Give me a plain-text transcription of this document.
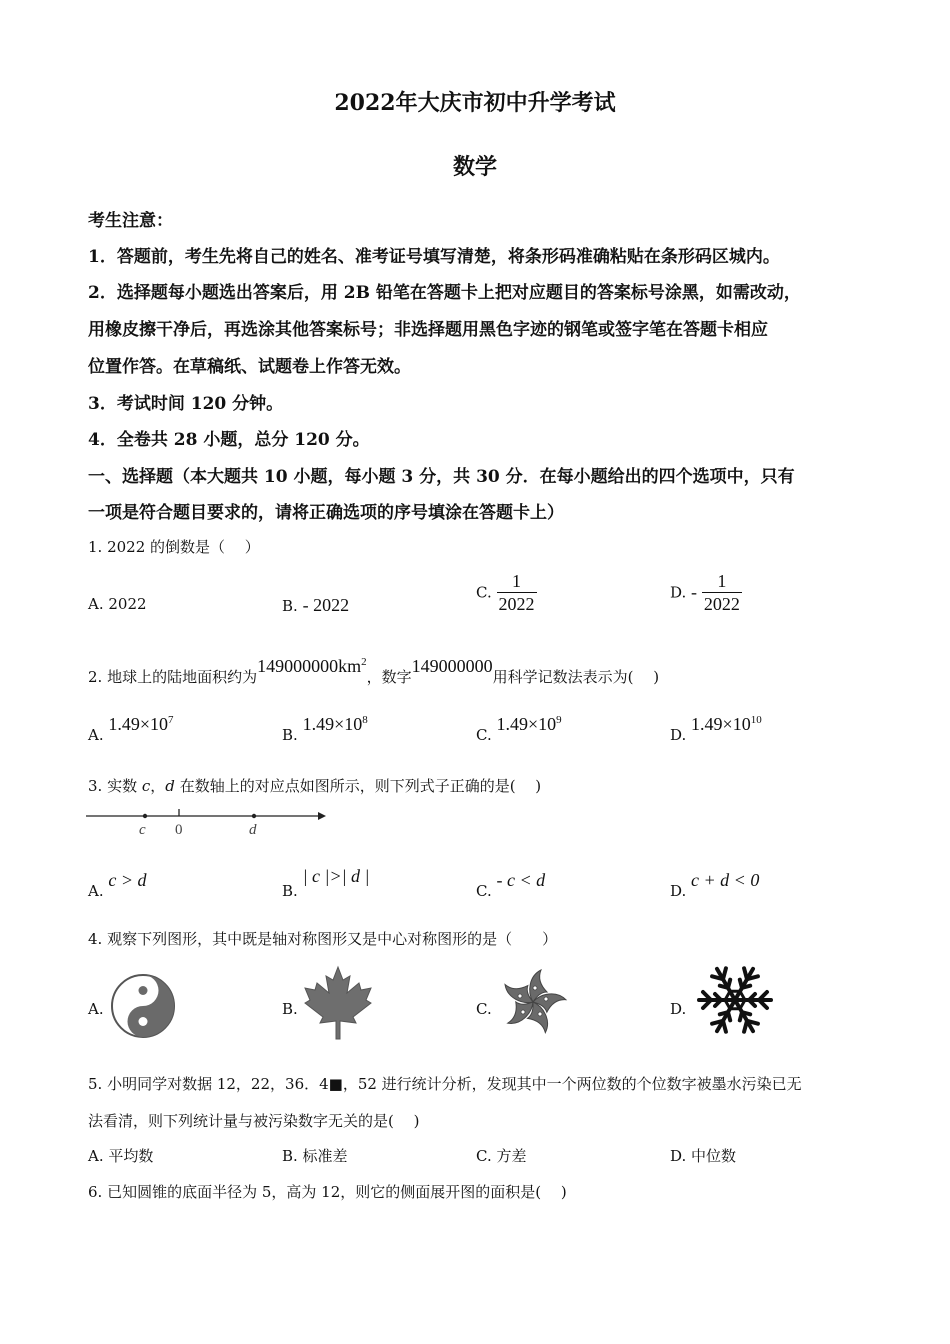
2022年大庆市初中升学考试
数学
考生注意：
1．答题前，考生先将自己的姓名、准考证号填写清楚，将条形码准确粘贴在条形码区城内。
2．选择题每小题选出答案后，用 2B 铅笔在答题卡上把对应题目的答案标号涂黑，如需改动，
用橡皮擦干净后，再选涂其他答案标号；非选择题用黑色字迹的钢笔或签字笔在答题卡相应
位置作答。在草稿纸、试题卷上作答无效。
3．考试时间 120 分钟。
4．全卷共 28 小题，总分 120 分。
一、选择题（本大题共 10 小题，每小题 3 分，共 30 分．在每小题给出的四个选项中，只有
一项是符合题目要求的，请将正确选项的序号填涂在答题卡上）
1. 2022 的倒数是（　 ）
A. 2022	B. - 2022
C. $\frac{1}{2022}$	D. - $\frac{1}{2022}$
2. 地球上的陆地面积约为$149000000km^2$，数字149000000用科学记数法表示为(　 )
A. $1.49\times 10^7$
B. $1.49\times 10^8$
C. $1.49\times 10^9$
D. $1.49\times 10^{10}$
3. 实数 c，d 在数轴上的对应点如图所示，则下列式子正确的是(　 )
c 0	d
A. c > d
B. | c |>| d |
C. - c < d
D. c + d < 0
4. 观察下列图形，其中既是轴对称图形又是中心对称图形的是（　　）
A.	B.	C.	D.
5. 小明同学对数据 12，22，36．4■，52 进行统计分析，发现其中一个两位数的个位数字被墨水污染已无
法看清，则下列统计量与被污染数字无关的是(　 )
A. 平均数	B. 标准差	C. 方差	D. 中位数
6. 已知圆锥的底面半径为 5，高为 12，则它的侧面展开图的面积是(　 )
